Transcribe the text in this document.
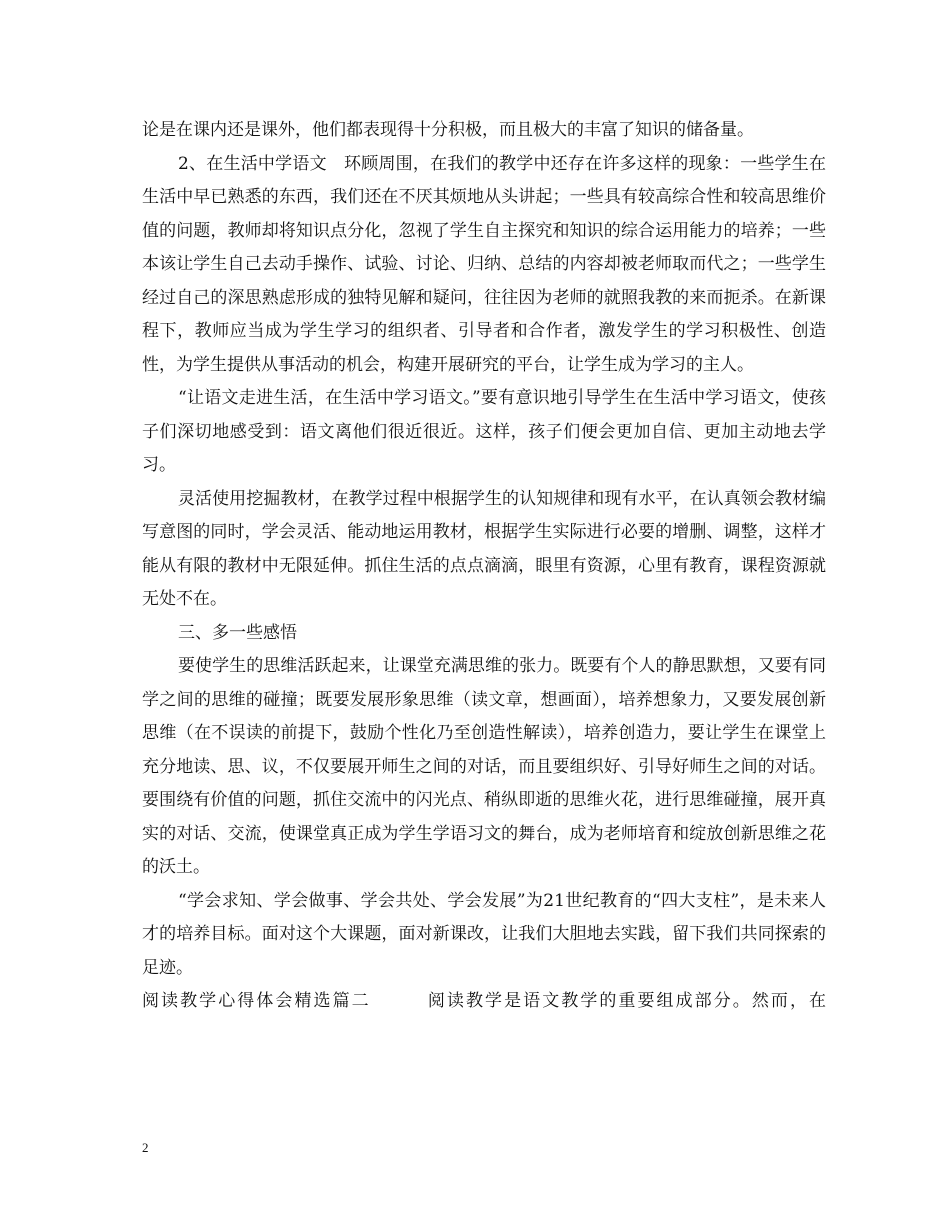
论是在课内还是课外，他们都表现得十分积极，而且极大的丰富了知识的储备量。

2、在生活中学语文　环顾周围，在我们的教学中还存在许多这样的现象：一些学生在生活中早已熟悉的东西，我们还在不厌其烦地从头讲起；一些具有较高综合性和较高思维价值的问题，教师却将知识点分化，忽视了学生自主探究和知识的综合运用能力的培养；一些本该让学生自己去动手操作、试验、讨论、归纳、总结的内容却被老师取而代之；一些学生经过自己的深思熟虑形成的独特见解和疑问，往往因为老师的就照我教的来而扼杀。在新课程下，教师应当成为学生学习的组织者、引导者和合作者，激发学生的学习积极性、创造性，为学生提供从事活动的机会，构建开展研究的平台，让学生成为学习的主人。

“让语文走进生活，在生活中学习语文。”要有意识地引导学生在生活中学习语文，使孩子们深切地感受到：语文离他们很近很近。这样，孩子们便会更加自信、更加主动地去学习。

灵活使用挖掘教材，在教学过程中根据学生的认知规律和现有水平，在认真领会教材编写意图的同时，学会灵活、能动地运用教材，根据学生实际进行必要的增删、调整，这样才能从有限的教材中无限延伸。抓住生活的点点滴滴，眼里有资源，心里有教育，课程资源就无处不在。

三、多一些感悟

要使学生的思维活跃起来，让课堂充满思维的张力。既要有个人的静思默想，又要有同学之间的思维的碰撞；既要发展形象思维（读文章，想画面），培养想象力，又要发展创新思维（在不误读的前提下，鼓励个性化乃至创造性解读），培养创造力，要让学生在课堂上充分地读、思、议，不仅要展开师生之间的对话，而且要组织好、引导好师生之间的对话。要围绕有价值的问题，抓住交流中的闪光点、稍纵即逝的思维火花，进行思维碰撞，展开真实的对话、交流，使课堂真正成为学生学语习文的舞台，成为老师培育和绽放创新思维之花的沃土。

“学会求知、学会做事、学会共处、学会发展”为21世纪教育的“四大支柱”，是未来人才的培养目标。面对这个大课题，面对新课改，让我们大胆地去实践，留下我们共同探索的足迹。

阅读教学心得体会精选篇二　　　阅读教学是语文教学的重要组成部分。然而，在

2
